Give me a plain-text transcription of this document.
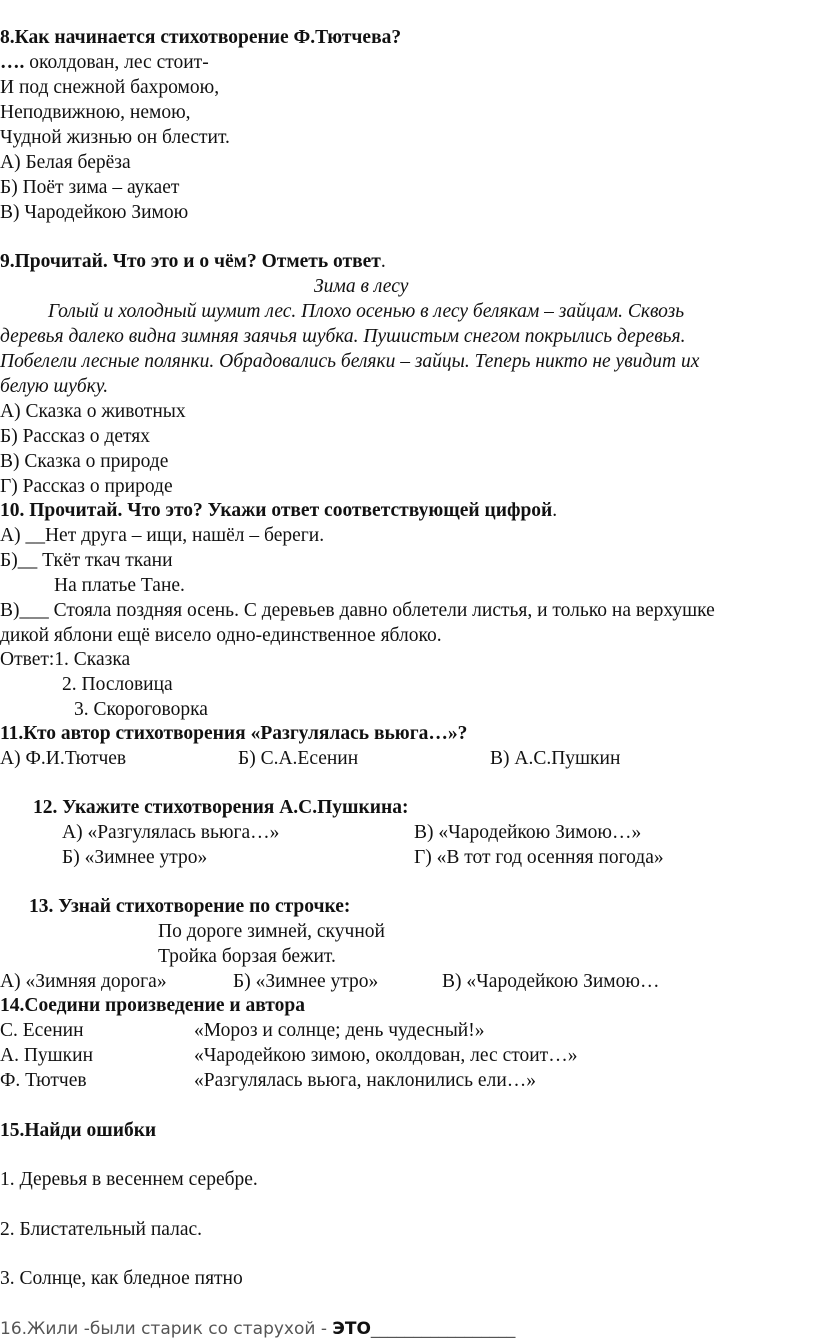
8.Как начинается стихотворение Ф.Тютчева?
…. околдован, лес стоит-
И под снежной бахромою,
Неподвижною, немою,
Чудной жизнью он блестит.
А) Белая берёза
Б) Поёт зима – аукает
В) Чародейкою Зимою
9.Прочитай. Что это и о чём? Отметь ответ.
Зима в лесу
Голый и холодный шумит лес. Плохо осенью в лесу белякам – зайцам. Сквозь
деревья далеко видна зимняя заячья шубка. Пушистым снегом покрылись деревья.
Побелели лесные полянки. Обрадовались беляки – зайцы. Теперь никто не увидит их
белую шубку.
А) Сказка о животных
Б) Рассказ о детях
В) Сказка о природе
Г) Рассказ о природе
10. Прочитай. Что это? Укажи ответ соответствующей цифрой.
А) __Нет друга – ищи, нашёл – береги.
Б)__ Ткёт ткач ткани
На платье Тане.
В)___ Стояла поздняя осень. С деревьев давно облетели листья, и только на верхушке
дикой яблони ещё висело одно-единственное яблоко.
Ответ:1. Сказка
2. Пословица
3. Скороговорка
11.Кто автор стихотворения «Разгулялась вьюга…»?
А) Ф.И.Тютчев	Б) С.А.Есенин	В) А.С.Пушкин
12. Укажите стихотворения А.С.Пушкина:
А) «Разгулялась вьюга…»	В) «Чародейкою Зимою…»
Б) «Зимнее утро»	Г) «В тот год осенняя погода»
13. Узнай стихотворение по строчке:
По дороге зимней, скучной
Тройка борзая бежит.
А) «Зимняя дорога»	Б) «Зимнее утро»	В) «Чародейкою Зимою…
14.Соедини произведение и автора
С. Есенин	«Мороз и солнце; день чудесный!»
А. Пушкин	«Чародейкою зимою, околдован, лес стоит…»
Ф. Тютчев	«Разгулялась вьюга, наклонились ели…»
15.Найди ошибки
1. Деревья в весеннем серебре.
2. Блистательный палас.
3. Солнце, как бледное пятно
16.Жили -были старик со старухой - ЭТО_________________
